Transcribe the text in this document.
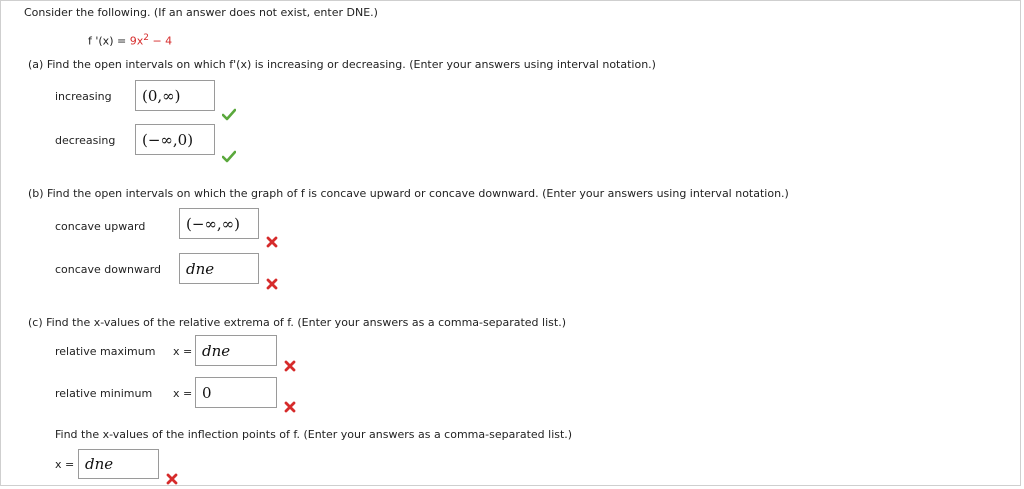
Consider the following. (If an answer does not exist, enter DNE.)
f '$(x) = 9x^2 - 4$
(a) Find the open intervals on which f'(x) is increasing or decreasing. (Enter your answers using interval notation.)
increasing	(0,∞)
decreasing	(−∞,0)
(b) Find the open intervals on which the graph of f is concave upward or concave downward. (Enter your answers using interval notation.)
concave upward	(−∞,∞)
concave downward	dne
(c) Find the x-values of the relative extrema of f. (Enter your answers as a comma-separated list.)
relative maximum x = dne
relative minimum x = 0
Find the x-values of the inflection points of f. (Enter your answers as a comma-separated list.)
x = dne
